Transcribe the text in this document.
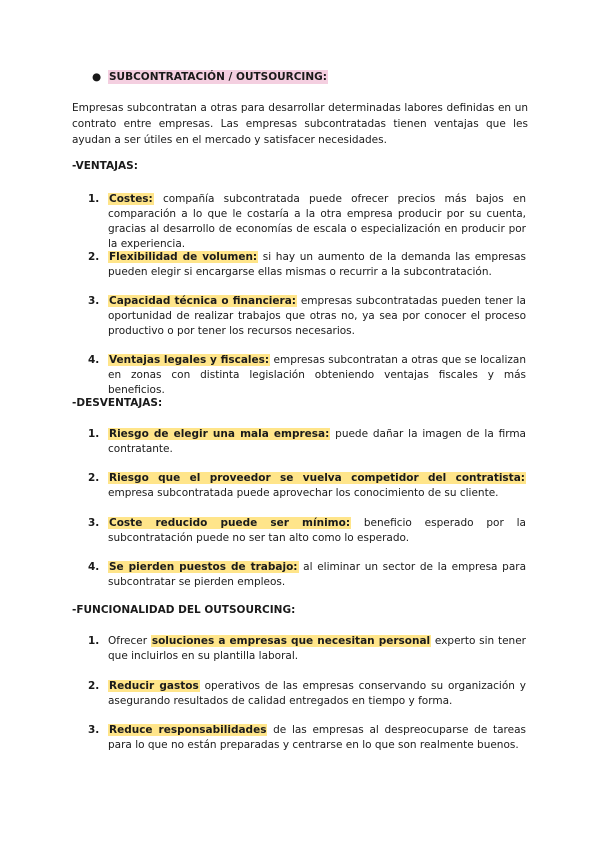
● SUBCONTRATACIÓN / OUTSOURCING:
Empresas subcontratan a otras para desarrollar determinadas labores definidas en un contrato entre empresas. Las empresas subcontratadas tienen ventajas que les ayudan a ser útiles en el mercado y satisfacer necesidades.
-VENTAJAS:
1. Costes: compañía subcontratada puede ofrecer precios más bajos en comparación a lo que le costaría a la otra empresa producir por su cuenta, gracias al desarrollo de economías de escala o especialización en producir por la experiencia.
2. Flexibilidad de volumen: si hay un aumento de la demanda las empresas pueden elegir si encargarse ellas mismas o recurrir a la subcontratación.
3. Capacidad técnica o financiera: empresas subcontratadas pueden tener la oportunidad de realizar trabajos que otras no, ya sea por conocer el proceso productivo o por tener los recursos necesarios.
4. Ventajas legales y fiscales: empresas subcontratan a otras que se localizan en zonas con distinta legislación obteniendo ventajas fiscales y más beneficios.
-DESVENTAJAS:
1. Riesgo de elegir una mala empresa: puede dañar la imagen de la firma contratante.
2. Riesgo que el proveedor se vuelva competidor del contratista: empresa subcontratada puede aprovechar los conocimiento de su cliente.
3. Coste reducido puede ser mínimo: beneficio esperado por la subcontratación puede no ser tan alto como lo esperado.
4. Se pierden puestos de trabajo: al eliminar un sector de la empresa para subcontratar se pierden empleos.
-FUNCIONALIDAD DEL OUTSOURCING:
1. Ofrecer soluciones a empresas que necesitan personal experto sin tener que incluirlos en su plantilla laboral.
2. Reducir gastos operativos de las empresas conservando su organización y asegurando resultados de calidad entregados en tiempo y forma.
3. Reduce responsabilidades de las empresas al despreocuparse de tareas para lo que no están preparadas y centrarse en lo que son realmente buenos.
